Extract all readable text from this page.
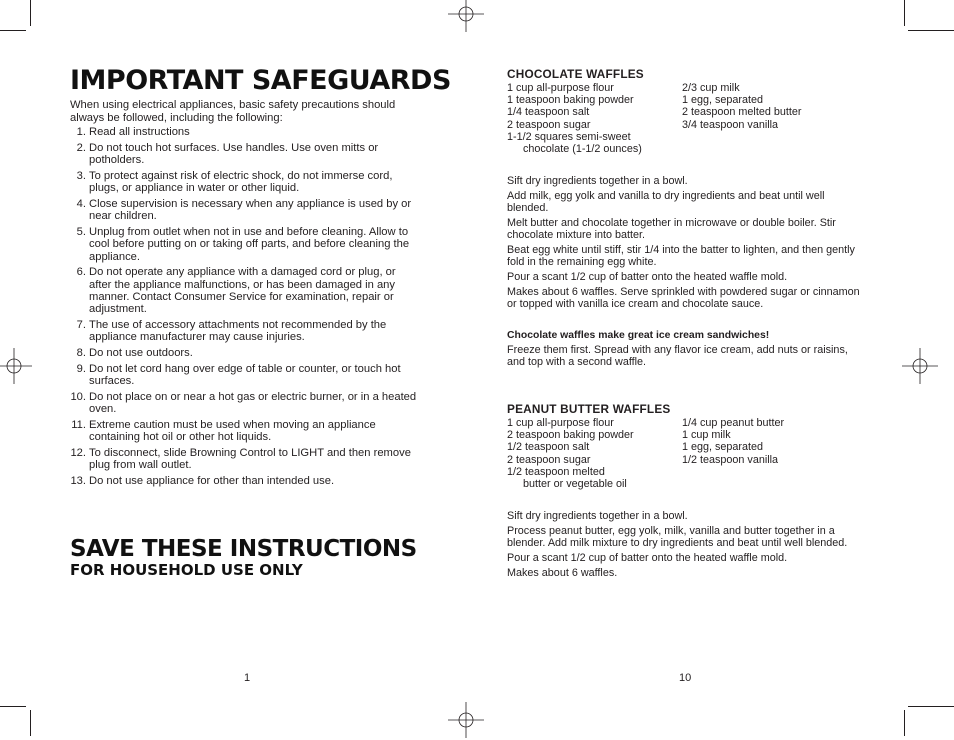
IMPORTANT SAFEGUARDS
When using electrical appliances, basic safety precautions should always be followed, including the following:
1. Read all instructions
2. Do not touch hot surfaces. Use handles. Use oven mitts or potholders.
3. To protect against risk of electric shock, do not immerse cord, plugs, or appliance in water or other liquid.
4. Close supervision is necessary when any appliance is used by or near children.
5. Unplug from outlet when not in use and before cleaning. Allow to cool before putting on or taking off parts, and before cleaning the appliance.
6. Do not operate any appliance with a damaged cord or plug, or after the appliance malfunctions, or has been damaged in any manner. Contact Consumer Service for examination, repair or adjustment.
7. The use of accessory attachments not recommended by the appliance manufacturer may cause injuries.
8. Do not use outdoors.
9. Do not let cord hang over edge of table or counter, or touch hot surfaces.
10. Do not place on or near a hot gas or electric burner, or in a heated oven.
11. Extreme caution must be used when moving an appliance containing hot oil or other hot liquids.
12. To disconnect, slide Browning Control to LIGHT and then remove plug from wall outlet.
13. Do not use appliance for other than intended use.
SAVE THESE INSTRUCTIONS
FOR HOUSEHOLD USE ONLY
1
CHOCOLATE WAFFLES
1 cup all-purpose flour
1 teaspoon baking powder
1/4 teaspoon salt
2 teaspoon sugar
1-1/2 squares semi-sweet
chocolate (1-1/2 ounces)
2/3 cup milk
1 egg, separated
2 teaspoon melted butter
3/4 teaspoon vanilla

Sift dry ingredients together in a bowl.

Add milk, egg yolk and vanilla to dry ingredients and beat until well blended.

Melt butter and chocolate together in microwave or double boiler. Stir chocolate mixture into batter.

Beat egg white until stiff, stir 1/4 into the batter to lighten, and then gently fold in the remaining egg white.

Pour a scant 1/2 cup of batter onto the heated waffle mold.

Makes about 6 waffles. Serve sprinkled with powdered sugar or cinnamon or topped with vanilla ice cream and chocolate sauce.

Chocolate waffles make great ice cream sandwiches!

Freeze them first. Spread with any flavor ice cream, add nuts or raisins, and top with a second waffle.

PEANUT BUTTER WAFFLES
1 cup all-purpose flour
2 teaspoon baking powder
1/2 teaspoon salt
2 teaspoon sugar
1/2 teaspoon melted
butter or vegetable oil
1/4 cup peanut butter
1 cup milk
1 egg, separated
1/2 teaspoon vanilla

Sift dry ingredients together in a bowl.

Process peanut butter, egg yolk, milk, vanilla and butter together in a blender. Add milk mixture to dry ingredients and beat until well blended.

Pour a scant 1/2 cup of batter onto the heated waffle mold.

Makes about 6 waffles.

10
